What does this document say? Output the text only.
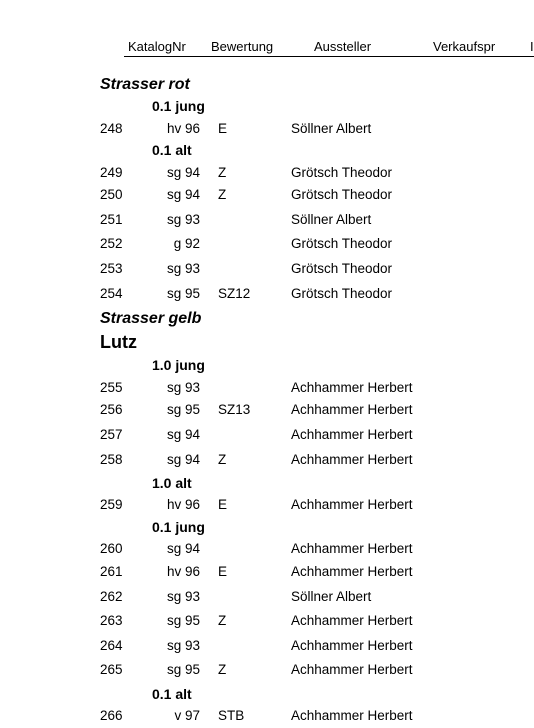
KatalogNr Bewertung	Aussteller	Verkaufspr	I
Strasser rot
0.1 jung
0.1 alt
Strasser gelb
Lutz
1.0 jung
1.0 alt
0.1 jung
0.1 alt
248	hv 96 E	Söllner Albert
249	sg 94 Z	Grötsch Theodor
250	sg 94 Z	Grötsch Theodor
251	sg 93	Söllner Albert
252	g 92	Grötsch Theodor
253	sg 93	Grötsch Theodor
254	sg 95 SZ12	Grötsch Theodor
255	sg 93	Achhammer Herbert
256	sg 95 SZ13	Achhammer Herbert
257	sg 94	Achhammer Herbert
258	sg 94 Z	Achhammer Herbert
259	hv 96 E	Achhammer Herbert
260	sg 94	Achhammer Herbert
261	hv 96 E	Achhammer Herbert
262	sg 93	Söllner Albert
263	sg 95 Z	Achhammer Herbert
264	sg 93	Achhammer Herbert
265	sg 95 Z	Achhammer Herbert
266	v 97 STB	Achhammer Herbert
